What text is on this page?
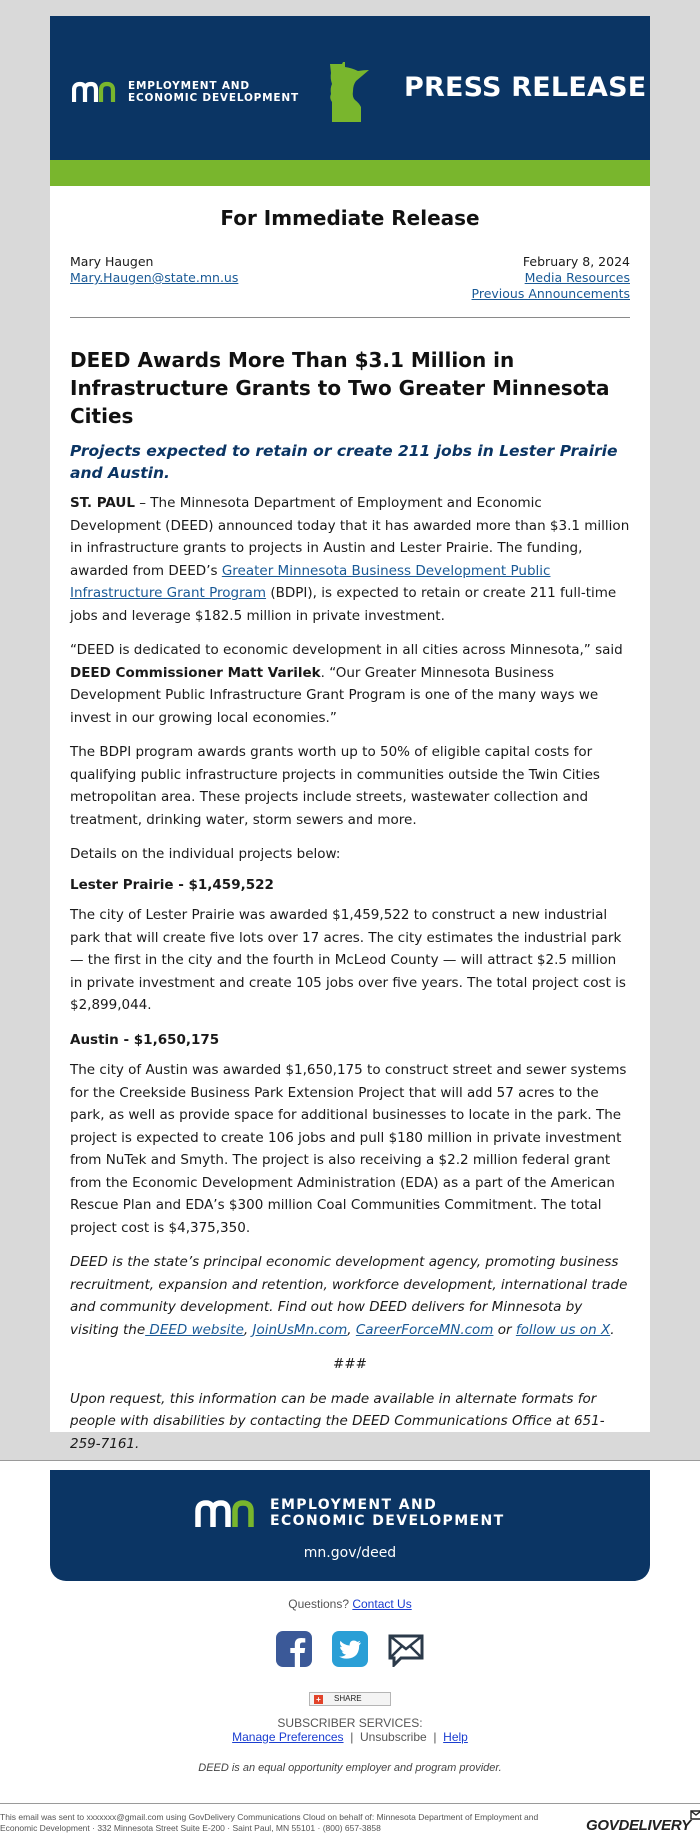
EMPLOYMENT AND
ECONOMIC DEVELOPMENT	PRESS RELEASE
For Immediate Release
Mary Haugen
Mary.Haugen@state.mn.us
February 8, 2024
Media Resources
Previous Announcements
DEED Awards More Than $3.1 Million in Infrastructure Grants to Two Greater Minnesota Cities
Projects expected to retain or create 211 jobs in Lester Prairie and Austin.

ST. PAUL – The Minnesota Department of Employment and Economic Development (DEED) announced today that it has awarded more than $3.1 million in infrastructure grants to projects in Austin and Lester Prairie. The funding, awarded from DEED’s Greater Minnesota Business Development Public Infrastructure Grant Program (BDPI), is expected to retain or create 211 full-time jobs and leverage $182.5 million in private investment.

“DEED is dedicated to economic development in all cities across Minnesota,” said DEED Commissioner Matt Varilek. “Our Greater Minnesota Business Development Public Infrastructure Grant Program is one of the many ways we invest in our growing local economies.”

The BDPI program awards grants worth up to 50% of eligible capital costs for qualifying public infrastructure projects in communities outside the Twin Cities metropolitan area. These projects include streets, wastewater collection and treatment, drinking water, storm sewers and more.

Details on the individual projects below:

Lester Prairie - $1,459,522

The city of Lester Prairie was awarded $1,459,522 to construct a new industrial park that will create five lots over 17 acres. The city estimates the industrial park — the first in the city and the fourth in McLeod County — will attract $2.5 million in private investment and create 105 jobs over five years. The total project cost is $2,899,044.

Austin - $1,650,175

The city of Austin was awarded $1,650,175 to construct street and sewer systems for the Creekside Business Park Extension Project that will add 57 acres to the park, as well as provide space for additional businesses to locate in the park. The project is expected to create 106 jobs and pull $180 million in private investment from NuTek and Smyth. The project is also receiving a $2.2 million federal grant from the Economic Development Administration (EDA) as a part of the American Rescue Plan and EDA’s $300 million Coal Communities Commitment. The total project cost is $4,375,350.

DEED is the state’s principal economic development agency, promoting business recruitment, expansion and retention, workforce development, international trade and community development. Find out how DEED delivers for Minnesota by visiting the DEED website, JoinUsMn.com, CareerForceMN.com or follow us on X.

###

Upon request, this information can be made available in alternate formats for people with disabilities by contacting the DEED Communications Office at 651-259-7161.

EMPLOYMENT AND
ECONOMIC DEVELOPMENT
mn.gov/deed
Questions? Contact Us
+ SHARE
SUBSCRIBER SERVICES:
Manage Preferences  |  Unsubscribe  |  Help
DEED is an equal opportunity employer and program provider.
This email was sent to xxxxxxx@gmail.com using GovDelivery Communications Cloud on behalf of: Minnesota Department of Employment and Economic Development · 332 Minnesota Street Suite E-200 · Saint Paul, MN 55101 · (800) 657-3858	GOVDELIVERY
